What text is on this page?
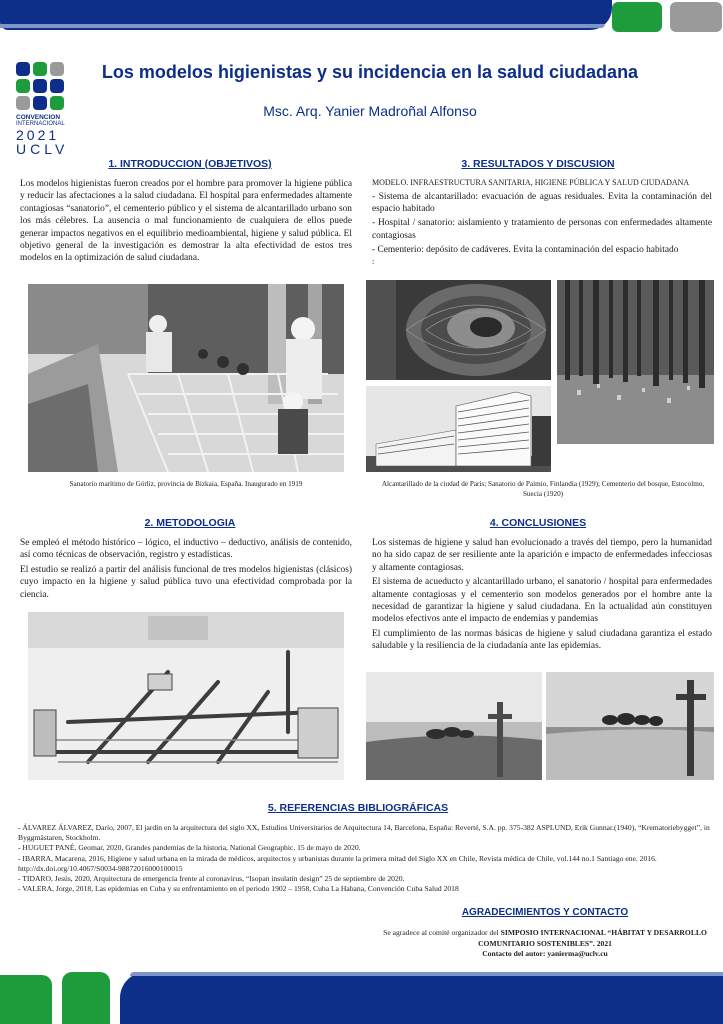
CONVENCION
INTERNACIONAL
2021
UCLV
Los modelos higienistas y su incidencia en la salud ciudadana
Msc. Arq. Yanier Madroñal Alfonso
1. INTRODUCCION (OBJETIVOS)
Los modelos higienistas fueron creados por el hombre para promover la higiene pública y reducir las afectaciones a la salud ciudadana. El hospital para enfermedades altamente contagiosas “sanatorio”, el cementerio público y el sistema de alcantarillado urbano son los más célebres. La ausencia o mal funcionamiento de cualquiera de ellos puede generar impactos negativos en el equilibrio medioambiental, higiene y salud pública. El objetivo general de la investigación es demostrar la alta efectividad de estos tres modelos en la optimización de salud ciudadana.
Sanatorio marítimo de Górliz, provincia de Bizkaia, España. Inaugurado en 1919
3. RESULTADOS Y DISCUSION

MODELO. INFRAESTRUCTURA SANITARIA, HIGIENE PÚBLICA Y SALUD CIUDADANA

- Sistema de alcantarillado: evacuación de aguas residuales. Evita la contaminación del espacio habitado

- Hospital / sanatorio: aislamiento y tratamiento de personas con enfermedades altamente contagiosas

- Cementerio: depósito de cadáveres. Evita la contaminación del espacio habitado

:

Alcantarillado de la ciudad de Paris; Sanatorio de Paimio, Finlandia (1929); Cementerio del bosque, Estocolmo, Suecia (1920)
2. METODOLOGIA

Se empleó el método histórico – lógico, el inductivo – deductivo, análisis de contenido, así como técnicas de observación, registro y estadísticas.

El estudio se realizó a partir del análisis funcional de tres modelos higienistas (clásicos) cuyo impacto en la higiene y salud pública tuvo una efectividad comprobada por la ciencia.

4. CONCLUSIONES

Los sistemas de higiene y salud han evolucionado a través del tiempo, pero la humanidad no ha sido capaz de ser resiliente ante la aparición e impacto de enfermedades infecciosas y altamente contagiosas.

El sistema de acueducto y alcantarillado urbano, el sanatorio / hospital para enfermedades altamente contagiosas y el cementerio son modelos generados por el hombre ante la necesidad de garantizar la higiene y salud ciudadana. En la actualidad aún constituyen modelos efectivos ante el impacto de endemias y pandemias

El cumplimiento de las normas básicas de higiene y salud ciudadana garantiza el estado saludable y la resiliencia de la ciudadanía ante las epidemias.

5. REFERENCIAS BIBLIOGRÁFICAS
- ÁLVAREZ ÁLVAREZ, Darío, 2007, El jardín en la arquitectura del siglo XX, Estudios Universitarios de Arquitectura 14, Barcelona, España: Reverté, S.A. pp. 375-382 ASPLUND, Erik Gunnar.(1940), “Krematoriebygget”, in Byggmästaren, Stockholm.
- HUGUET PANÉ, Geomar, 2020, Grandes pandemias de la historia, National Geographic. 15 de mayo de 2020.
- IBARRA, Macarena, 2016, Higiene y salud urbana en la mirada de médicos, arquitectos y urbanistas durante la primera mitad del Siglo XX en Chile, Revista médica de Chile, vol.144 no.1 Santiago ene. 2016. http://dx.doi.org/10.4067/S0034-98872016000100015
- TIDARO, Jesús, 2020, Arquitectura de emergencia frente al coronavirus, “Isopan insulatin design” 25 de septiembre de 2020.
- VALERA, Jorge, 2018, Las epidemias en Cuba y su enfrentamiento en el periodo 1902 – 1958, Cuba La Habana, Convención Cuba Salud 2018
AGRADECIMIENTOS Y CONTACTO
Se agradece al comité organizador del SIMPOSIO INTERNACIONAL “HÁBITAT Y DESARROLLO COMUNITARIO SOSTENIBLES”. 2021
Contacto del autor: yanierma@uclv.cu
